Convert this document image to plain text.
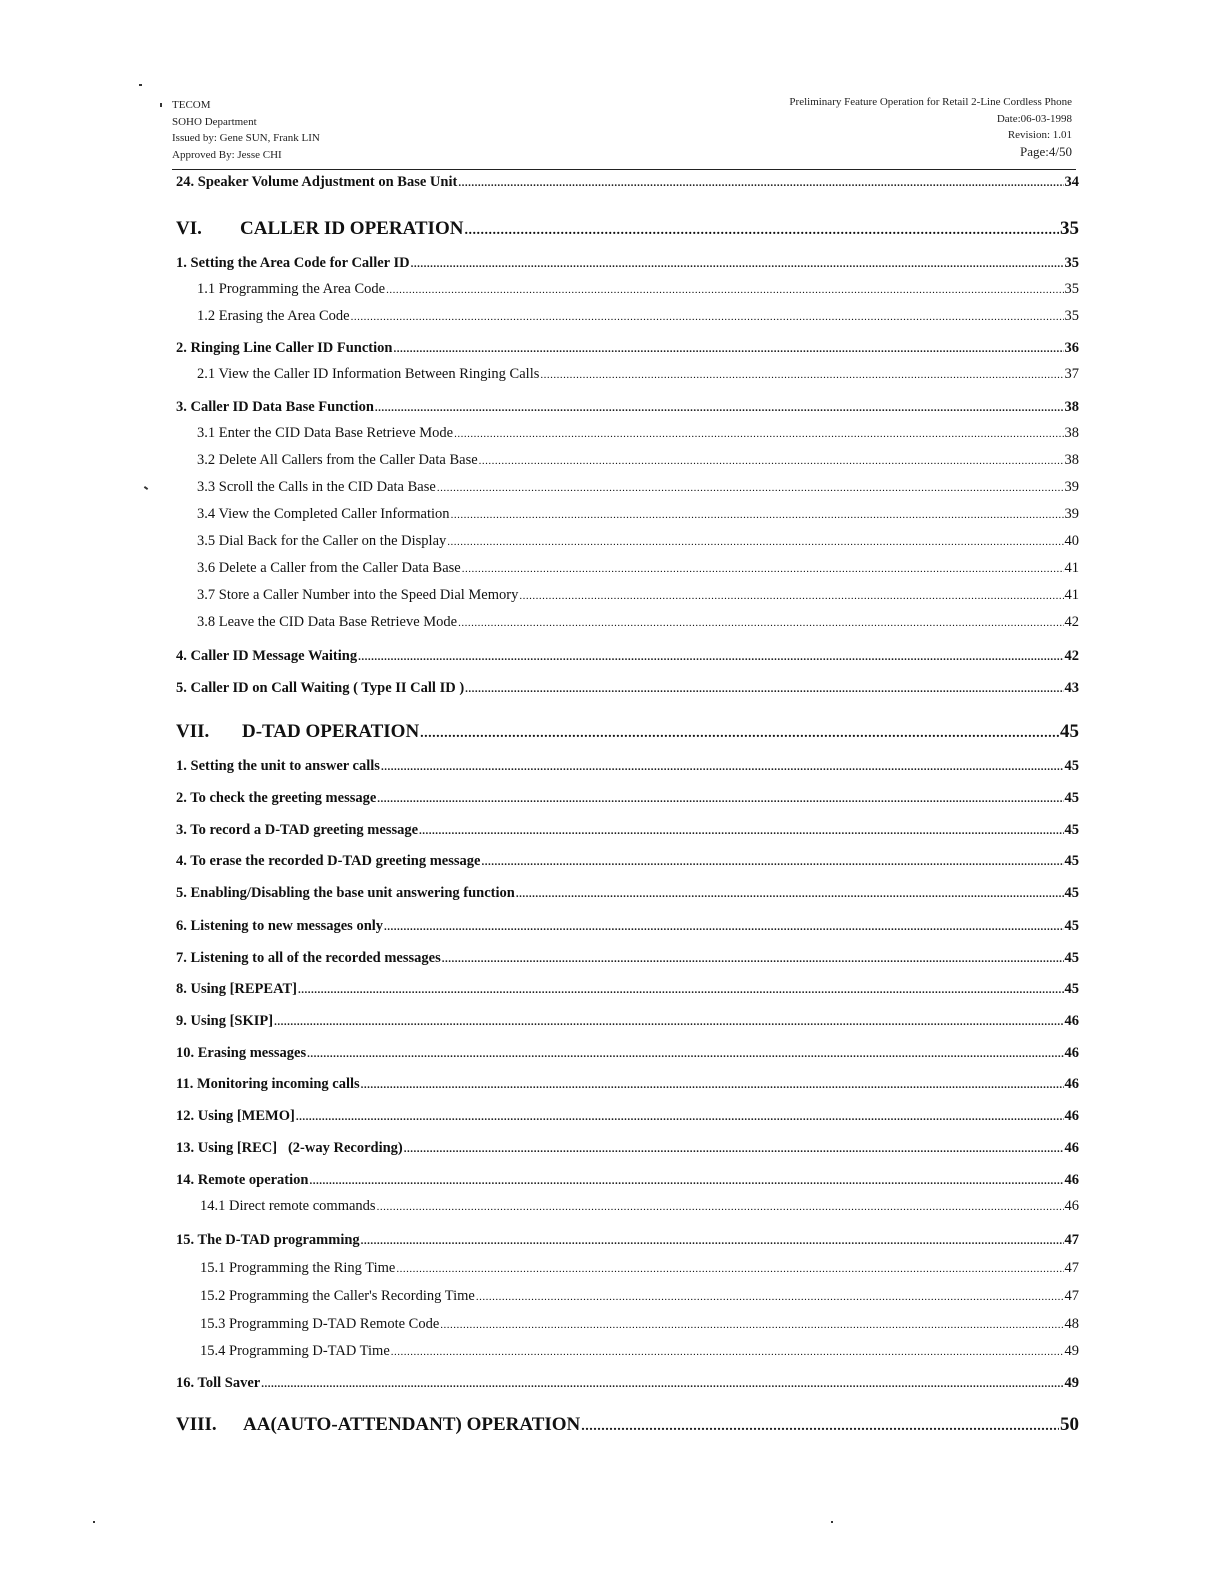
TECOM
SOHO Department
Issued by: Gene SUN, Frank LIN
Approved By: Jesse CHI
Preliminary Feature Operation for Retail 2-Line Cordless Phone
Date:06-03-1998
Revision: 1.01
Page:4/50
24. Speaker Volume Adjustment on Base Unit .....	34
VI. CALLER ID OPERATION .....	35
1. Setting the Area Code for Caller ID .....	35
1.1 Programming the Area Code .....	35
1.2 Erasing the Area Code .....	35
2. Ringing Line Caller ID Function .....	36
2.1 View the Caller ID Information Between Ringing Calls .....	37
3. Caller ID Data Base Function .....	38
3.1 Enter the CID Data Base Retrieve Mode .....	38
3.2 Delete All Callers from the Caller Data Base .....	38
3.3 Scroll the Calls in the CID Data Base .....	39
3.4 View the Completed Caller Information .....	39
3.5 Dial Back for the Caller on the Display .....	40
3.6 Delete a Caller from the Caller Data Base .....	41
3.7 Store a Caller Number into the Speed Dial Memory .....	41
3.8 Leave the CID Data Base Retrieve Mode .....	42
4. Caller ID Message Waiting .....	42
5. Caller ID on Call Waiting ( Type II Call ID ) .....	43
VII. D-TAD OPERATION .....	45
1. Setting the unit to answer calls .....	45
2. To check the greeting message .....	45
3. To record a D-TAD greeting message .....	45
4. To erase the recorded D-TAD greeting message .....	45
5. Enabling/Disabling the base unit answering function .....	45
6. Listening to new messages only .....	45
7. Listening to all of the recorded messages .....	45
8. Using [REPEAT] .....	45
9. Using [SKIP] .....	46
10. Erasing messages .....	46
11. Monitoring incoming calls .....	46
12. Using [MEMO] .....	46
13. Using [REC]   (2-way Recording) .....	46
14. Remote operation .....	46
14.1 Direct remote commands .....	46
15. The D-TAD programming .....	47
15.1 Programming the Ring Time .....	47
15.2 Programming the Caller's Recording Time .....	47
15.3 Programming D-TAD Remote Code .....	48
15.4 Programming D-TAD Time .....	49
16. Toll Saver .....	49
VIII. AA(AUTO-ATTENDANT) OPERATION .....	50
